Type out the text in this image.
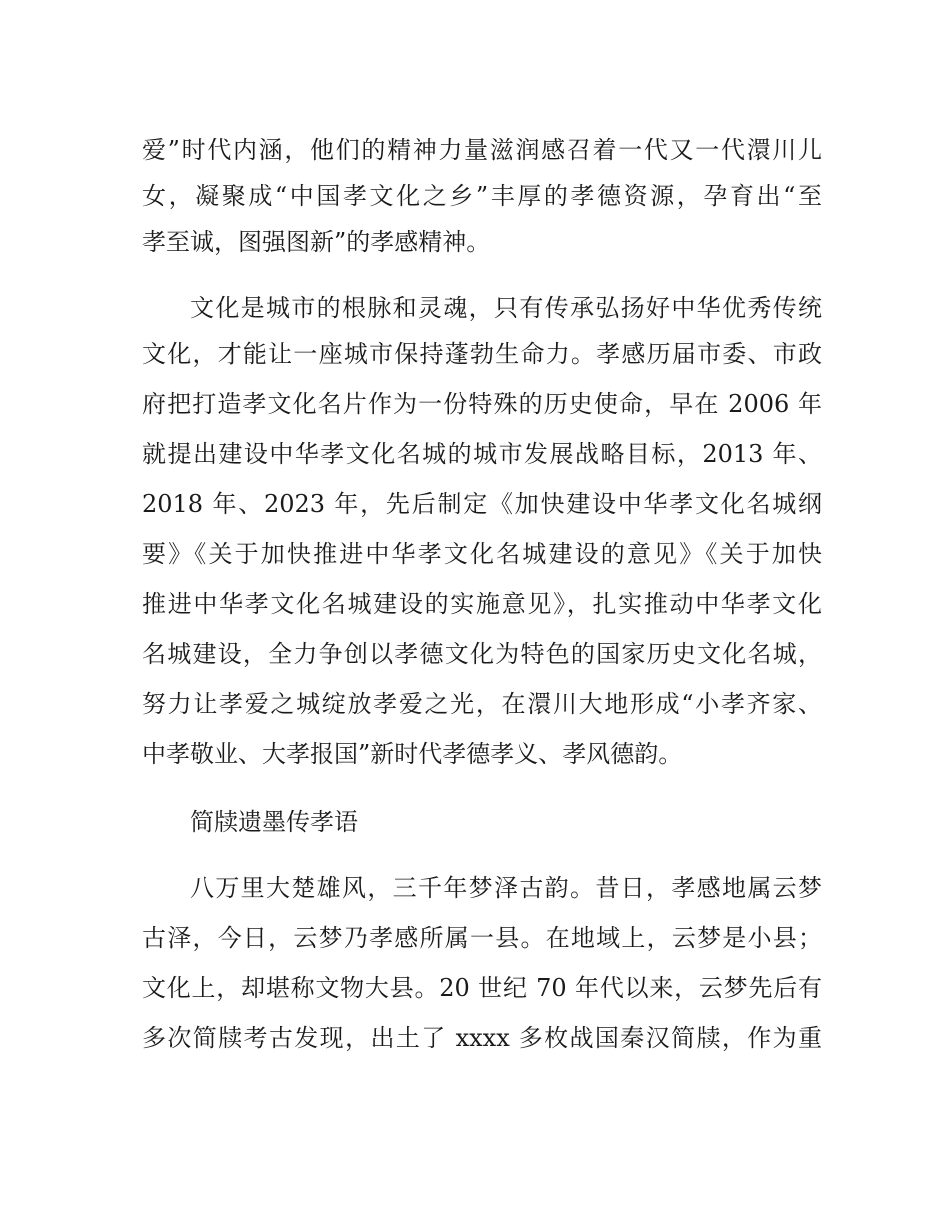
爱”时代内涵，他们的精神力量滋润感召着一代又一代澴川儿
女，凝聚成“中国孝文化之乡”丰厚的孝德资源，孕育出“至
孝至诚，图强图新”的孝感精神。
文化是城市的根脉和灵魂，只有传承弘扬好中华优秀传统
文化，才能让一座城市保持蓬勃生命力。孝感历届市委、市政
府把打造孝文化名片作为一份特殊的历史使命，早在 2006 年
就提出建设中华孝文化名城的城市发展战略目标，2013 年、
2018 年、2023 年，先后制定《加快建设中华孝文化名城纲
要》《关于加快推进中华孝文化名城建设的意见》《关于加快
推进中华孝文化名城建设的实施意见》，扎实推动中华孝文化
名城建设，全力争创以孝德文化为特色的国家历史文化名城，
努力让孝爱之城绽放孝爱之光，在澴川大地形成“小孝齐家、
中孝敬业、大孝报国”新时代孝德孝义、孝风德韵。
简牍遗墨传孝语
八万里大楚雄风，三千年梦泽古韵。昔日，孝感地属云梦
古泽，今日，云梦乃孝感所属一县。在地域上，云梦是小县；
文化上，却堪称文物大县。20 世纪 70 年代以来，云梦先后有
多次简牍考古发现，出土了 xxxx 多枚战国秦汉简牍，作为重
